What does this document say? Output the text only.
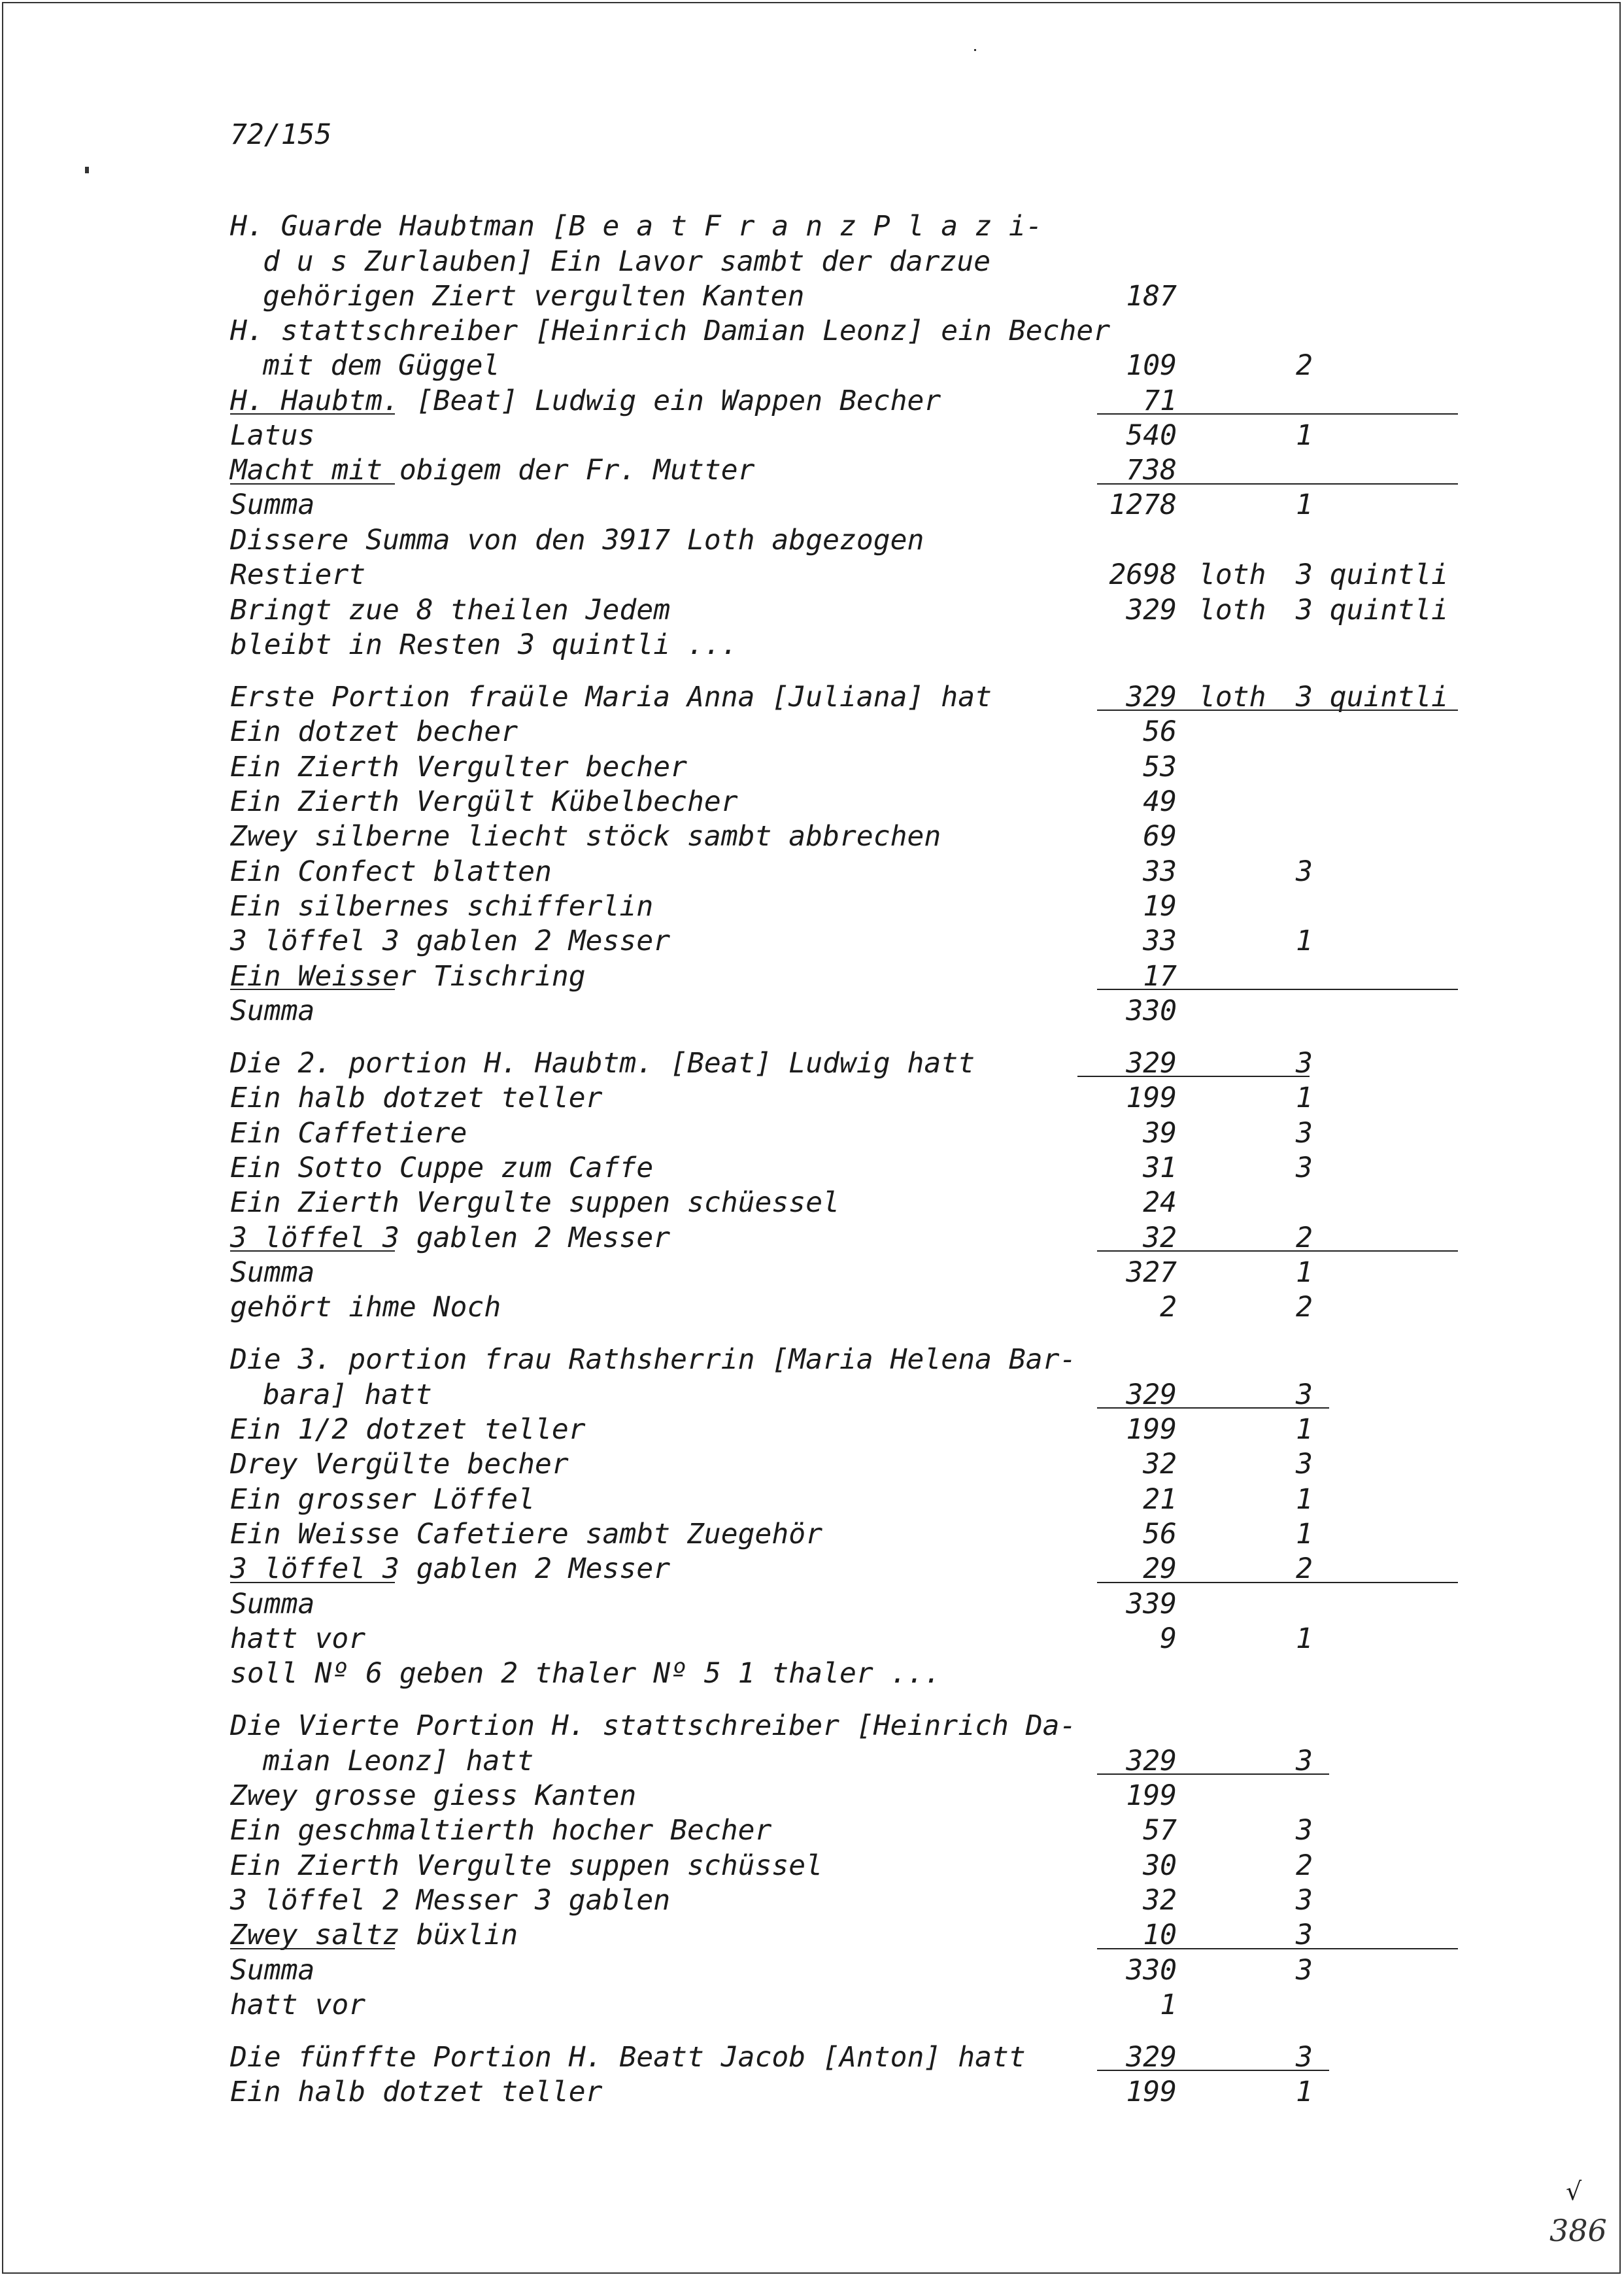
72/155
H. Guarde Haubtman [B e a t F r a n z P l a z i-
d u s Zurlauben] Ein Lavor sambt der darzue
gehörigen Ziert vergulten Kanten	187
H. stattschreiber [Heinrich Damian Leonz] ein Becher
mit dem Güggel	109	2
H. Haubtm. [Beat] Ludwig ein Wappen Becher	71
Latus	540	1
Macht mit obigem der Fr. Mutter	738
Summa	1278	1
Dissere Summa von den 3917 Loth abgezogen
Restiert	2698 loth 3 quintli
Bringt zue 8 theilen Jedem	329 loth 3 quintli
bleibt in Resten 3 quintli ...
Erste Portion fraüle Maria Anna [Juliana] hat	329 loth 3 quintli
Ein dotzet becher	56
Ein Zierth Vergulter becher	53
Ein Zierth Vergült Kübelbecher	49
Zwey silberne liecht stöck sambt abbrechen	69
Ein Confect blatten	33	3
Ein silbernes schifferlin	19
3 löffel 3 gablen 2 Messer	33	1
Ein Weisser Tischring	17
Summa	330
Die 2. portion H. Haubtm. [Beat] Ludwig hatt	329	3
Ein halb dotzet teller	199	1
Ein Caffetiere	39	3
Ein Sotto Cuppe zum Caffe	31	3
Ein Zierth Vergulte suppen schüessel	24
3 löffel 3 gablen 2 Messer	32	2
Summa	327	1
gehört ihme Noch	2	2
Die 3. portion frau Rathsherrin [Maria Helena Bar-
bara] hatt	329	3
Ein 1/2 dotzet teller	199	1
Drey Vergülte becher	32	3
Ein grosser Löffel	21	1
Ein Weisse Cafetiere sambt Zuegehör	56	1
3 löffel 3 gablen 2 Messer	29	2
Summa	339
hatt vor	9	1
soll Nº 6 geben 2 thaler Nº 5 1 thaler ...
Die Vierte Portion H. stattschreiber [Heinrich Da-
mian Leonz] hatt	329	3
Zwey grosse giess Kanten	199
Ein geschmaltierth hocher Becher	57	3
Ein Zierth Vergulte suppen schüssel	30	2
3 löffel 2 Messer 3 gablen	32	3
Zwey saltz büxlin	10	3
Summa	330	3
hatt vor	1
Die fünffte Portion H. Beatt Jacob [Anton] hatt	329	3
Ein halb dotzet teller	199	1
√
386
